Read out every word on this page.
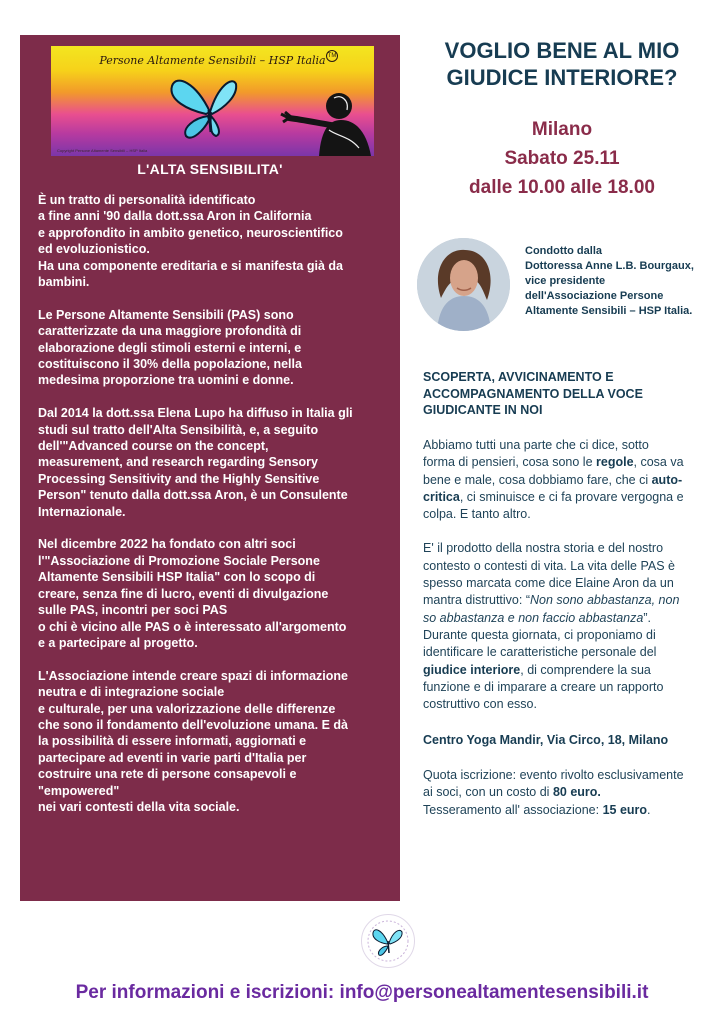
Persone Altamente Sensibili – HSP Italia TM
Copyright Persone Altamente Sensibili – HSP Italia
L'ALTA SENSIBILITA'

È un tratto di personalità identificato
a fine anni '90 dalla dott.ssa Aron in California
e approfondito in ambito genetico, neuroscientifico
ed evoluzionistico.
Ha una componente ereditaria e si manifesta già da
bambini.

Le Persone Altamente Sensibili (PAS) sono
caratterizzate da una maggiore profondità di
elaborazione degli stimoli esterni e interni, e
costituiscono il 30% della popolazione, nella
medesima proporzione tra uomini e donne.

Dal 2014 la dott.ssa Elena Lupo ha diffuso in Italia gli
studi sul tratto dell'Alta Sensibilità, e, a seguito
dell'"Advanced course on the concept,
measurement, and research regarding Sensory
Processing Sensitivity and the Highly Sensitive
Person" tenuto dalla dott.ssa Aron, è un Consulente
Internazionale.

Nel dicembre 2022 ha fondato con altri soci
l'"Associazione di Promozione Sociale Persone
Altamente Sensibili HSP Italia" con lo scopo di
creare, senza fine di lucro, eventi di divulgazione
sulle PAS, incontri per soci PAS
o chi è vicino alle PAS o è interessato all'argomento
e a partecipare al progetto.

L'Associazione intende creare spazi di informazione
neutra e di integrazione sociale
e culturale, per una valorizzazione delle differenze
che sono il fondamento dell'evoluzione umana. E dà
la possibilità di essere informati, aggiornati e
partecipare ad eventi in varie parti d'Italia per
costruire una rete di persone consapevoli e
"empowered"
nei vari contesti della vita sociale.

VOGLIO BENE AL MIO
GIUDICE INTERIORE?
Milano
Sabato 25.11
dalle 10.00 alle 18.00
Condotto dalla
Dottoressa Anne L.B. Bourgaux,
vice presidente
dell'Associazione Persone
Altamente Sensibili – HSP Italia.
SCOPERTA, AVVICINAMENTO E
ACCOMPAGNAMENTO DELLA VOCE
GIUDICANTE IN NOI

Abbiamo tutti una parte che ci dice, sotto
forma di pensieri, cosa sono le regole, cosa va
bene e male, cosa dobbiamo fare, che ci auto-
critica, ci sminuisce e ci fa provare vergogna e
colpa. E tanto altro.

E' il prodotto della nostra storia e del nostro
contesto o contesti di vita. La vita delle PAS è
spesso marcata come dice Elaine Aron da un
mantra distruttivo: “Non sono abbastanza, non
so abbastanza e non faccio abbastanza”.
Durante questa giornata, ci proponiamo di
identificare le caratteristiche personale del
giudice interiore, di comprendere la sua
funzione e di imparare a creare un rapporto
costruttivo con esso.

Centro Yoga Mandir, Via Circo, 18, Milano
Quota iscrizione: evento rivolto esclusivamente
ai soci, con un costo di 80 euro.
Tesseramento all' associazione: 15 euro.
Per informazioni e iscrizioni: info@personealtamentesensibili.it
